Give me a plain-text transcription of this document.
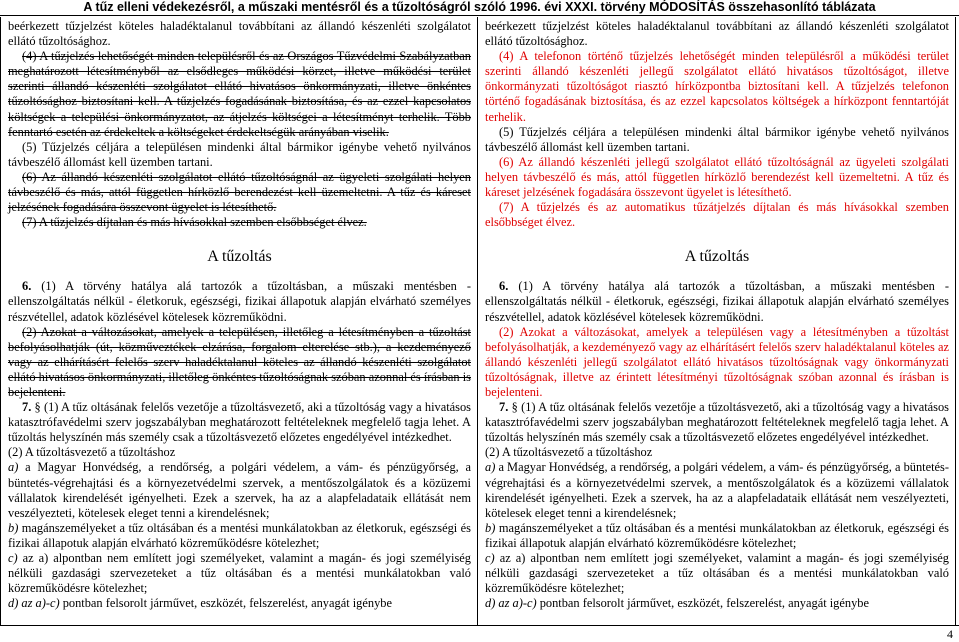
A tűz elleni védekezésről, a műszaki mentésről és a tűzoltóságról szóló 1996. évi XXXI. törvény MÓDOSÍTÁS összehasonlító táblázata

beérkezett tűzjelzést köteles haladéktalanul továbbítani az állandó készenléti szolgálatot ellátó tűzoltósághoz.

(4) A tűzjelzés lehetőségét minden településről és az Országos Tűzvédelmi Szabályzatban meghatározott létesítményből az elsődleges működési körzet, illetve működési terület szerinti állandó készenléti szolgálatot ellátó hivatásos önkormányzati, illetve önkéntes tűzoltósághoz biztosítani kell. A tűzjelzés fogadásának biztosítása, és az ezzel kapcsolatos költségek a települési önkormányzatot, az átjelzés költségei a létesítményt terhelik. Több fenntartó esetén az érdekeltek a költségeket érdekeltségük arányában viselik.

(5) Tűzjelzés céljára a településen mindenki által bármikor igénybe vehető nyilvános távbeszélő állomást kell üzemben tartani.

(6) Az állandó készenléti szolgálatot ellátó tűzoltóságnál az ügyeleti szolgálati helyen távbeszélő és más, attól független hírközlő berendezést kell üzemeltetni. A tűz és káreset jelzésének fogadására összevont ügyelet is létesíthető.

(7) A tűzjelzés díjtalan és más hívásokkal szemben elsőbbséget élvez.

A tűzoltás

6. (1) A törvény hatálya alá tartozók a tűzoltásban, a műszaki mentésben - ellenszolgáltatás nélkül - életkoruk, egészségi, fizikai állapotuk alapján elvárható személyes részvétellel, adatok közlésével kötelesek közreműködni.

(2) Azokat a változásokat, amelyek a településen, illetőleg a létesítményben a tűzoltást befolyásolhatják (út, közműveztékek elzárása, forgalom elterelése stb.), a kezdeményező vagy az elhárításért felelős szerv haladéktalanul köteles az állandó készenléti szolgálatot ellátó hivatásos önkormányzati, illetőleg önkéntes tűzoltóságnak szóban azonnal és írásban is bejelenteni.

7. § (1) A tűz oltásának felelős vezetője a tűzoltásvezető, aki a tűzoltóság vagy a hivatásos katasztrófavédelmi szerv jogszabályban meghatározott feltételeknek megfelelő tagja lehet. A tűzoltás helyszínén más személy csak a tűzoltásvezető előzetes engedélyével intézkedhet.

(2) A tűzoltásvezető a tűzoltáshoz

a) a Magyar Honvédség, a rendőrség, a polgári védelem, a vám- és pénzügyőrség, a büntetés-végrehajtási és a környezetvédelmi szervek, a mentőszolgálatok és a közüzemi vállalatok kirendelését igényelheti. Ezek a szervek, ha az a alapfeladataik ellátását nem veszélyezteti, kötelesek eleget tenni a kirendelésnek;

b) magánszemélyeket a tűz oltásában és a mentési munkálatokban az életkoruk, egészségi és fizikai állapotuk alapján elvárható közreműködésre kötelezhet;

c) az a) alpontban nem említett jogi személyeket, valamint a magán- és jogi személyiség nélküli gazdasági szervezeteket a tűz oltásában és a mentési munkálatokban való közreműködésre kötelezhet;

d) az a)-c) pontban felsorolt járművet, eszközét, felszerelést, anyagát igénybe

beérkezett tűzjelzést köteles haladéktalanul továbbítani az állandó készenléti szolgálatot ellátó tűzoltósághoz.

(4) A telefonon történő tűzjelzés lehetőségét minden településről a működési terület szerinti állandó készenléti jellegű szolgálatot ellátó hivatásos tűzoltóságot, illetve önkormányzati tűzoltóságot riasztó hírközpontba biztosítani kell. A tűzjelzés telefonon történő fogadásának biztosítása, és az ezzel kapcsolatos költségek a hírközpont fenntartóját terhelik.

(5) Tűzjelzés céljára a településen mindenki által bármikor igénybe vehető nyilvános távbeszélő állomást kell üzemben tartani.

(6) Az állandó készenléti jellegű szolgálatot ellátó tűzoltóságnál az ügyeleti szolgálati helyen távbeszélő és más, attól független hírközlő berendezést kell üzemeltetni. A tűz és káreset jelzésének fogadására összevont ügyelet is létesíthető.

(7) A tűzjelzés és az automatikus tűzátjelzés díjtalan és más hívásokkal szemben elsőbbséget élvez.

A tűzoltás

6. (1) A törvény hatálya alá tartozók a tűzoltásban, a műszaki mentésben - ellenszolgáltatás nélkül - életkoruk, egészségi, fizikai állapotuk alapján elvárható személyes részvétellel, adatok közlésével kötelesek közreműködni.

(2) Azokat a változásokat, amelyek a településen vagy a létesítményben a tűzoltást befolyásolhatják, a kezdeményező vagy az elhárításért felelős szerv haladéktalanul köteles az állandó készenléti jellegű szolgálatot ellátó hivatásos tűzoltóságnak vagy önkormányzati tűzoltóságnak, illetve az érintett létesítményi tűzoltóságnak szóban azonnal és írásban is bejelenteni.

7. § (1) A tűz oltásának felelős vezetője a tűzoltásvezető, aki a tűzoltóság vagy a hivatásos katasztrófavédelmi szerv jogszabályban meghatározott feltételeknek megfelelő tagja lehet. A tűzoltás helyszínén más személy csak a tűzoltásvezető előzetes engedélyével intézkedhet.

(2) A tűzoltásvezető a tűzoltáshoz

a) a Magyar Honvédség, a rendőrség, a polgári védelem, a vám- és pénzügyőrség, a büntetés-végrehajtási és a környezetvédelmi szervek, a mentőszolgálatok és a közüzemi vállalatok kirendelését igényelheti. Ezek a szervek, ha az a alapfeladataik ellátását nem veszélyezteti, kötelesek eleget tenni a kirendelésnek;

b) magánszemélyeket a tűz oltásában és a mentési munkálatokban az életkoruk, egészségi és fizikai állapotuk alapján elvárható közreműködésre kötelezhet;

c) az a) alpontban nem említett jogi személyeket, valamint a magán- és jogi személyiség nélküli gazdasági szervezeteket a tűz oltásában és a mentési munkálatokban való közreműködésre kötelezhet;

d) az a)-c) pontban felsorolt járművet, eszközét, felszerelést, anyagát igénybe

4
